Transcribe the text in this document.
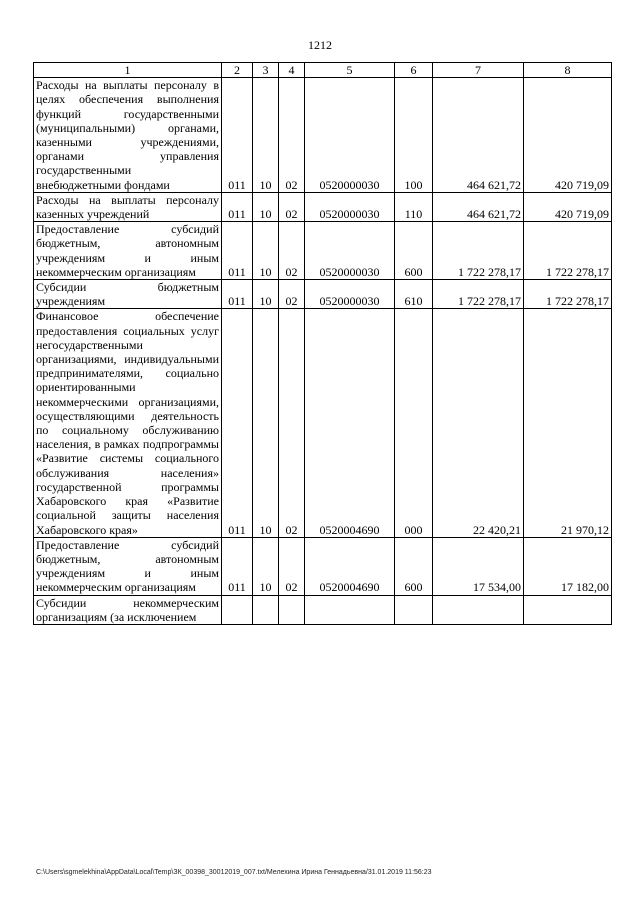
1212
1	2	3	4	5	6	7	8
Расходы на выплаты персоналу в целях обеспечения выполнения функций государственными (муниципальными) органами, казенными учреждениями, органами управления государственными внебюджетными фондами	011	10	02	0520000030	100	464 621,72	420 719,09
Расходы на выплаты персоналу казенных учреждений	011	10	02	0520000030	110	464 621,72	420 719,09
Предоставление субсидий бюджетным, автономным учреждениям и иным некоммерческим организациям	011	10	02	0520000030	600	1 722 278,17	1 722 278,17
Субсидии бюджетным учреждениям	011	10	02	0520000030	610	1 722 278,17	1 722 278,17
Финансовое обеспечение предоставления социальных услуг негосударственными организациями, индивидуальными предпринимателями, социально ориентированными некоммерческими организациями, осуществляющими деятельность по социальному обслуживанию населения, в рамках подпрограммы «Развитие системы социального обслуживания населения» государственной программы Хабаровского края «Развитие социальной защиты населения Хабаровского края»	011	10	02	0520004690	000	22 420,21	21 970,12
Предоставление субсидий бюджетным, автономным учреждениям и иным некоммерческим организациям	011	10	02	0520004690	600	17 534,00	17 182,00
Субсидии некоммерческим организациям (за исключением							
C:\Users\sgmelekhina\AppData\Local\Temp\ЗК_00398_30012019_007.txt/Мелехина Ирина Геннадьевна/31.01.2019 11:56:23
